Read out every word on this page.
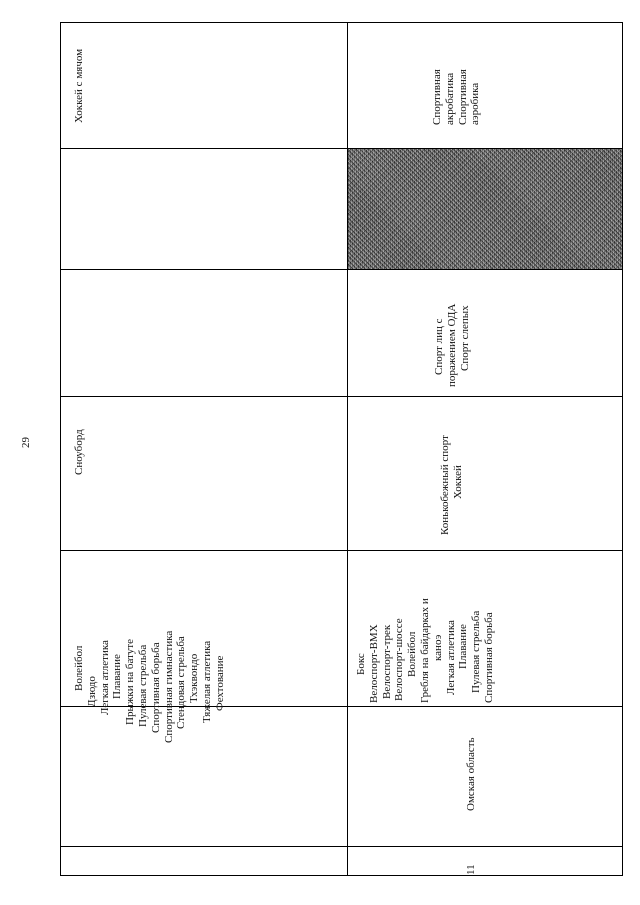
29
Волейбол
Дзюдо Легкая атлетика Плавание Прыжки на батуте Пулевая стрельба Спортивная борьба Спортивная гимнастика Стендовая стрельба Тхэквондо Тяжелая атлетика Фехтование
Сноуборд
Хоккей с мячом
11
Омская область
Бокс Велоспорт-ВМХ Велоспорт-трек Велоспорт-шоссе Волейбол Гребля на байдарках и каноэ Легкая атлетика Плавание Пулевая стрельба Спортивная борьба
Конькобежный спорт Хоккей
Спорт лиц с поражением ОДА Спорт слепых
Спортивная акробатика Спортивная аэробика
